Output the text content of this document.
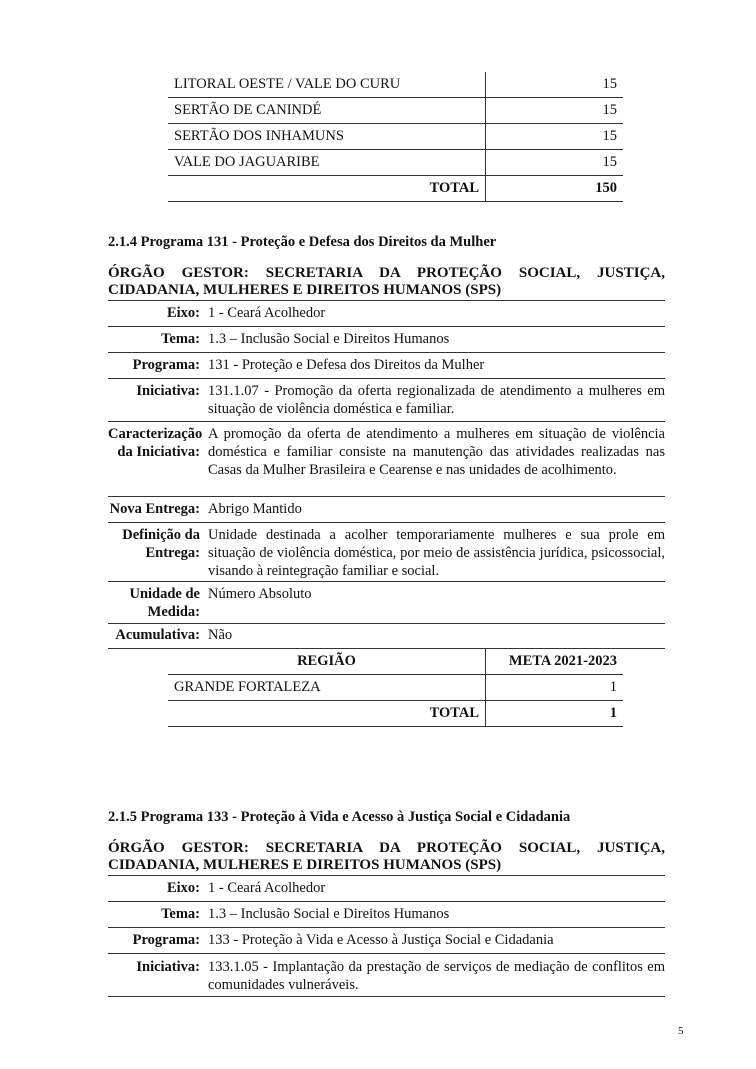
LITORAL OESTE / VALE DO CURU	15
SERTÃO DE CANINDÉ	15
SERTÃO DOS INHAMUNS	15
VALE DO JAGUARIBE	15
TOTAL	150
2.1.4 Programa 131 - Proteção e Defesa dos Direitos da Mulher
ÓRGÃO GESTOR: SECRETARIA DA PROTEÇÃO SOCIAL, JUSTIÇA,
CIDADANIA, MULHERES E DIREITOS HUMANOS (SPS)
Eixo: 1 - Ceará Acolhedor
Tema: 1.3 – Inclusão Social e Direitos Humanos
Programa: 131 - Proteção e Defesa dos Direitos da Mulher
Iniciativa: 131.1.07 - Promoção da oferta regionalizada de atendimento a mulheres em situação de violência doméstica e familiar.
Caracterização
da Iniciativa:
A promoção da oferta de atendimento a mulheres em situação de violência doméstica e familiar consiste na manutenção das atividades realizadas nas Casas da Mulher Brasileira e Cearense e nas unidades de acolhimento.
Nova Entrega: Abrigo Mantido
Definição da
Entrega:
Unidade destinada a acolher temporariamente mulheres e sua prole em situação de violência doméstica, por meio de assistência jurídica, psicossocial, visando à reintegração familiar e social.
Unidade de
Medida:
Número Absoluto
Acumulativa: Não
REGIÃO	META 2021-2023
GRANDE FORTALEZA	1
TOTAL	1
2.1.5 Programa 133 - Proteção à Vida e Acesso à Justiça Social e Cidadania
ÓRGÃO GESTOR: SECRETARIA DA PROTEÇÃO SOCIAL, JUSTIÇA,
CIDADANIA, MULHERES E DIREITOS HUMANOS (SPS)
Eixo: 1 - Ceará Acolhedor
Tema: 1.3 – Inclusão Social e Direitos Humanos
Programa: 133 - Proteção à Vida e Acesso à Justiça Social e Cidadania
Iniciativa: 133.1.05 - Implantação da prestação de serviços de mediação de conflitos em comunidades vulneráveis.
5
